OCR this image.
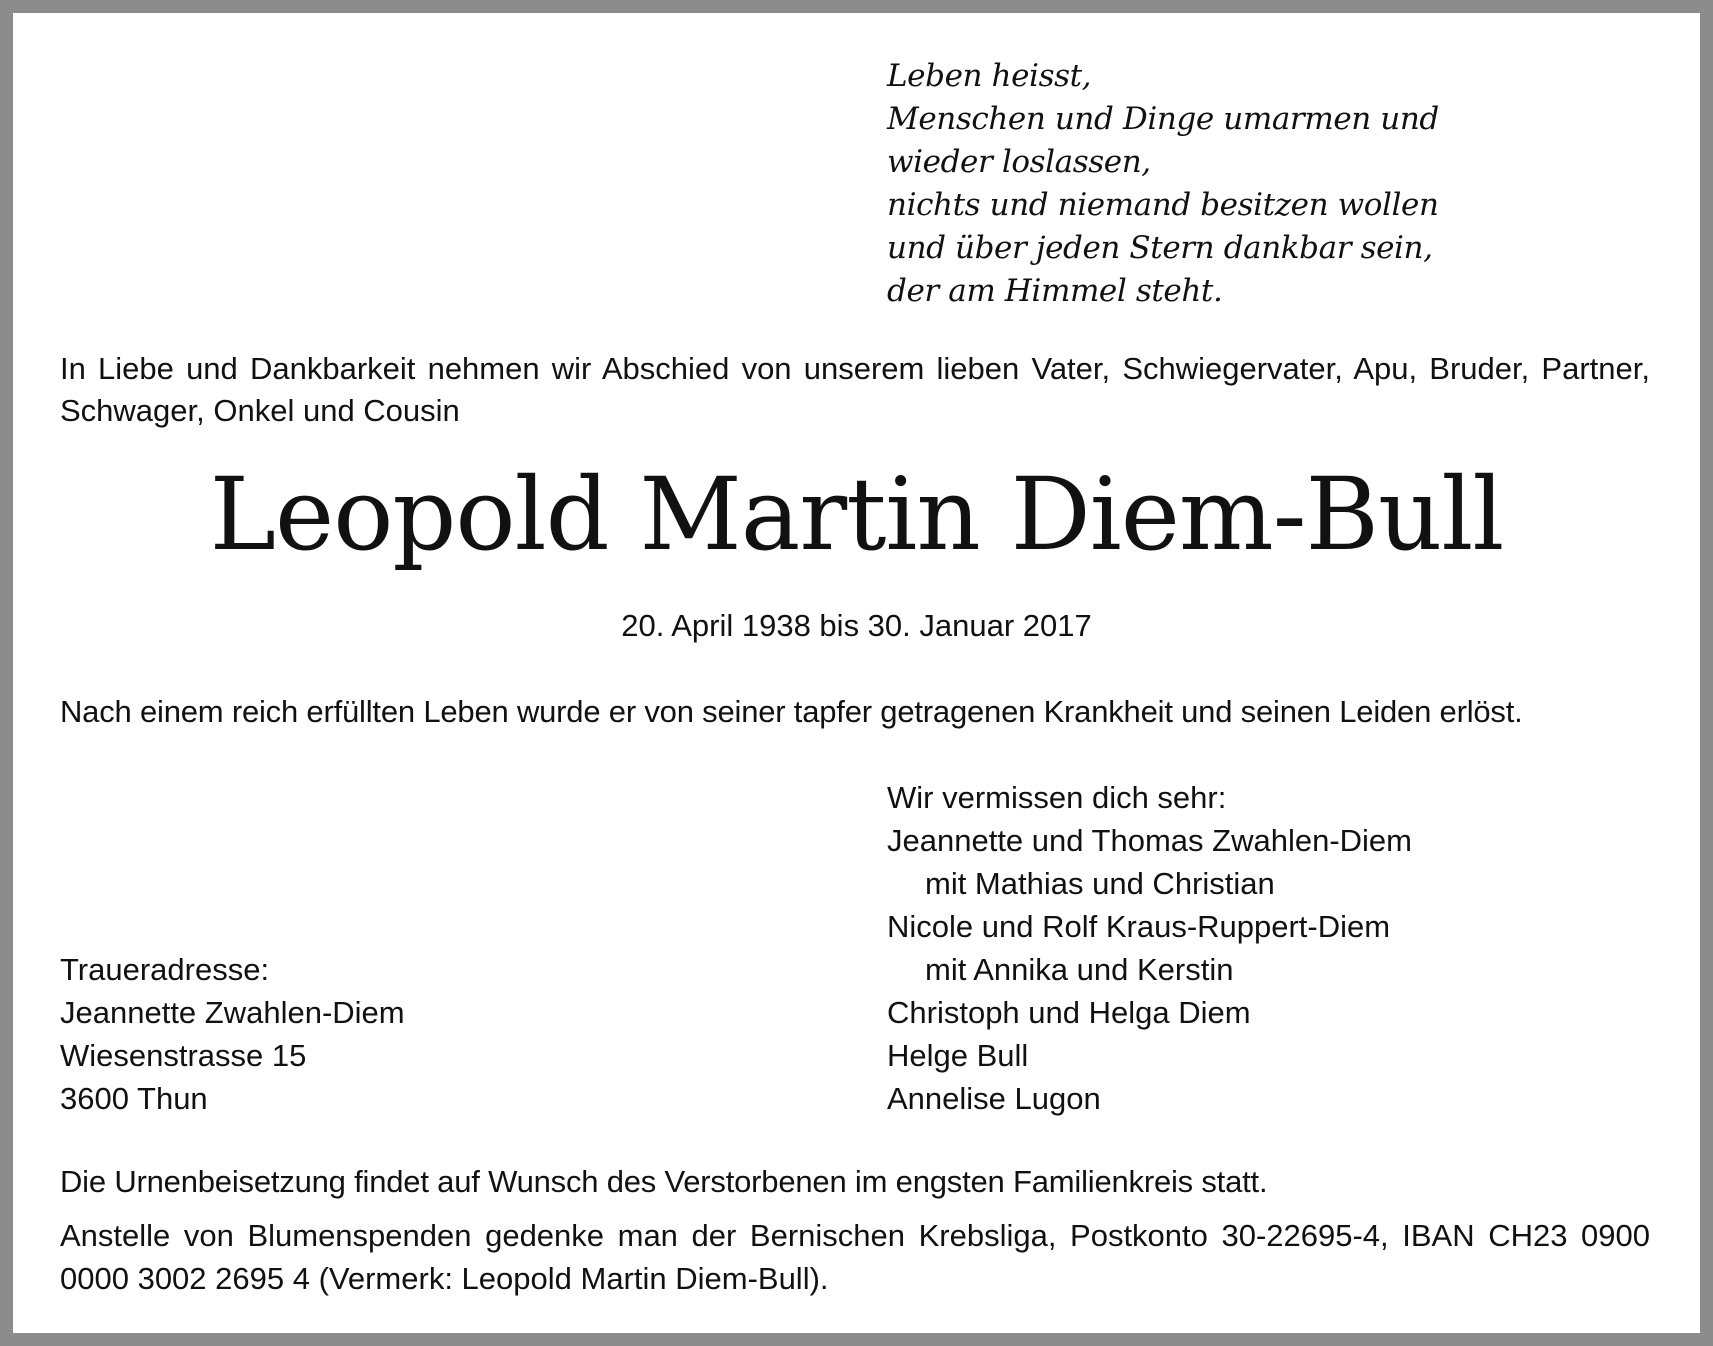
Leben heisst,
Menschen und Dinge umarmen und
wieder loslassen,
nichts und niemand besitzen wollen
und über jeden Stern dankbar sein,
der am Himmel steht.
In Liebe und Dankbarkeit nehmen wir Abschied von unserem lieben Vater, Schwiegervater, Apu, Bruder, Partner, Schwager, Onkel und Cousin
Leopold Martin Diem-Bull
20. April 1938 bis 30. Januar 2017
Nach einem reich erfüllten Leben wurde er von seiner tapfer getragenen Krankheit und seinen Leiden erlöst.
Wir vermissen dich sehr:
Jeannette und Thomas Zwahlen-Diem
mit Mathias und Christian
Nicole und Rolf Kraus-Ruppert-Diem
mit Annika und Kerstin
Christoph und Helga Diem
Helge Bull
Annelise Lugon
Traueradresse:
Jeannette Zwahlen-Diem
Wiesenstrasse 15
3600 Thun
Die Urnenbeisetzung findet auf Wunsch des Verstorbenen im engsten Familienkreis statt.
Anstelle von Blumenspenden gedenke man der Bernischen Krebsliga, Postkonto 30-22695-4, IBAN CH23 0900 0000 3002 2695 4 (Vermerk: Leopold Martin Diem-Bull).
